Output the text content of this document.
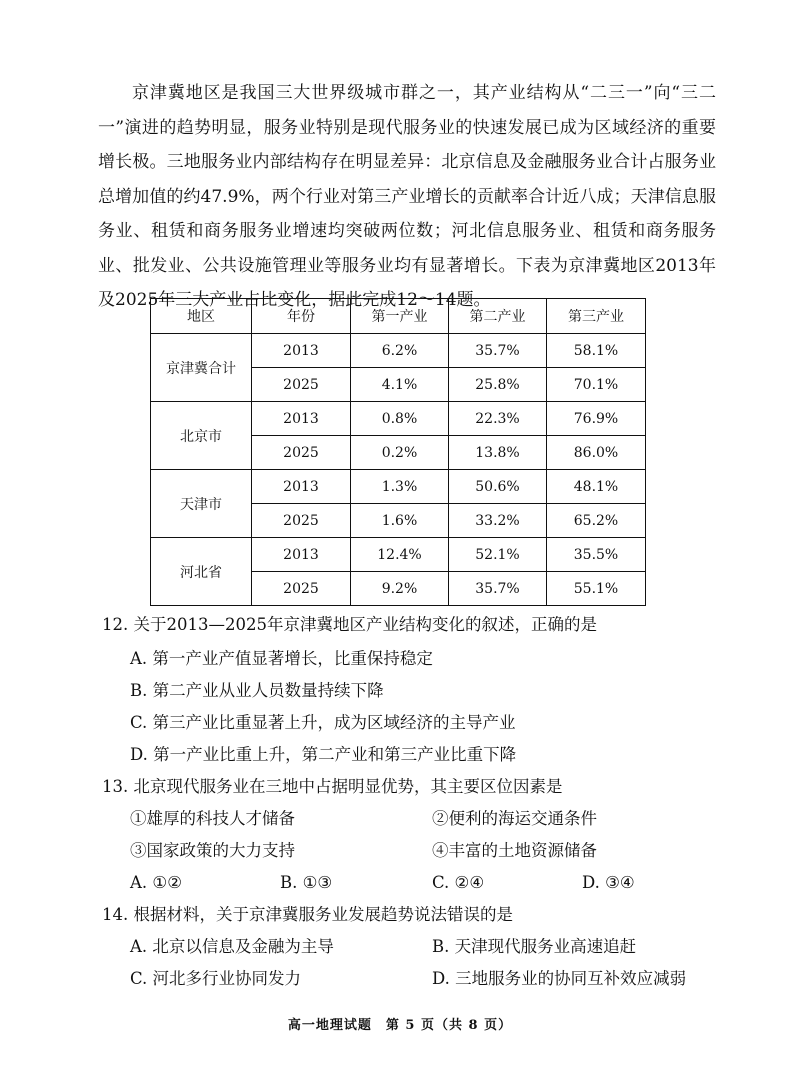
京津冀地区是我国三大世界级城市群之一，其产业结构从“二三一”向“三二一”演进的趋势明显，服务业特别是现代服务业的快速发展已成为区域经济的重要增长极。三地服务业内部结构存在明显差异：北京信息及金融服务业合计占服务业总增加值的约47.9%，两个行业对第三产业增长的贡献率合计近八成；天津信息服务业、租赁和商务服务业增速均突破两位数；河北信息服务业、租赁和商务服务业、批发业、公共设施管理业等服务业均有显著增长。下表为京津冀地区2013年及2025年三大产业占比变化，据此完成12～14题。

地区	年份	第一产业	第二产业	第三产业
京津冀合计	2013	6.2%	35.7%	58.1%
	2025	4.1%	25.8%	70.1%
北京市	2013	0.8%	22.3%	76.9%
	2025	0.2%	13.8%	86.0%
天津市	2013	1.3%	50.6%	48.1%
	2025	1.6%	33.2%	65.2%
河北省	2013	12.4%	52.1%	35.5%
	2025	9.2%	35.7%	55.1%
12. 关于2013—2025年京津冀地区产业结构变化的叙述，正确的是
A. 第一产业产值显著增长，比重保持稳定
B. 第二产业从业人员数量持续下降
C. 第三产业比重显著上升，成为区域经济的主导产业
D. 第一产业比重上升，第二产业和第三产业比重下降
13. 北京现代服务业在三地中占据明显优势，其主要区位因素是
①雄厚的科技人才储备	②便利的海运交通条件
③国家政策的大力支持	④丰富的土地资源储备
A. ①②	B. ①③	C. ②④	D. ③④
14. 根据材料，关于京津冀服务业发展趋势说法错误的是
A. 北京以信息及金融为主导	B. 天津现代服务业高速追赶
C. 河北多行业协同发力	D. 三地服务业的协同互补效应减弱
高一地理试题　第 5 页（共 8 页）
